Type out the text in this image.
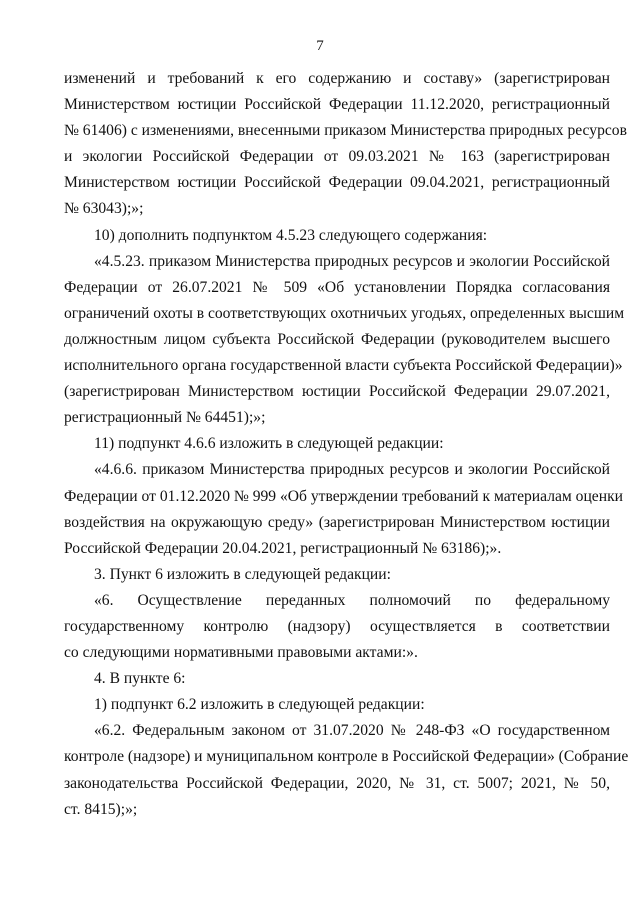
7
изменений и требований к его содержанию и составу» (зарегистрирован
Министерством юстиции Российской Федерации 11.12.2020, регистрационный
№ 61406) с изменениями, внесенными приказом Министерства природных ресурсов
и экологии Российской Федерации от 09.03.2021 № 163 (зарегистрирован
Министерством юстиции Российской Федерации 09.04.2021, регистрационный
№ 63043);»;
10) дополнить подпунктом 4.5.23 следующего содержания:
«4.5.23. приказом Министерства природных ресурсов и экологии Российской
Федерации от 26.07.2021 № 509 «Об установлении Порядка согласования
ограничений охоты в соответствующих охотничьих угодьях, определенных высшим
должностным лицом субъекта Российской Федерации (руководителем высшего
исполнительного органа государственной власти субъекта Российской Федерации)»
(зарегистрирован Министерством юстиции Российской Федерации 29.07.2021,
регистрационный № 64451);»;
11) подпункт 4.6.6 изложить в следующей редакции:
«4.6.6. приказом Министерства природных ресурсов и экологии Российской
Федерации от 01.12.2020 № 999 «Об утверждении требований к материалам оценки
воздействия на окружающую среду» (зарегистрирован Министерством юстиции
Российской Федерации 20.04.2021, регистрационный № 63186);».
3. Пункт 6 изложить в следующей редакции:
«6. Осуществление переданных полномочий по федеральному
государственному контролю (надзору) осуществляется в соответствии
со следующими нормативными правовыми актами:».
4. В пункте 6:
1) подпункт 6.2 изложить в следующей редакции:
«6.2. Федеральным законом от 31.07.2020 № 248-ФЗ «О государственном
контроле (надзоре) и муниципальном контроле в Российской Федерации» (Собрание
законодательства Российской Федерации, 2020, № 31, ст. 5007; 2021, № 50,
ст. 8415);»;
